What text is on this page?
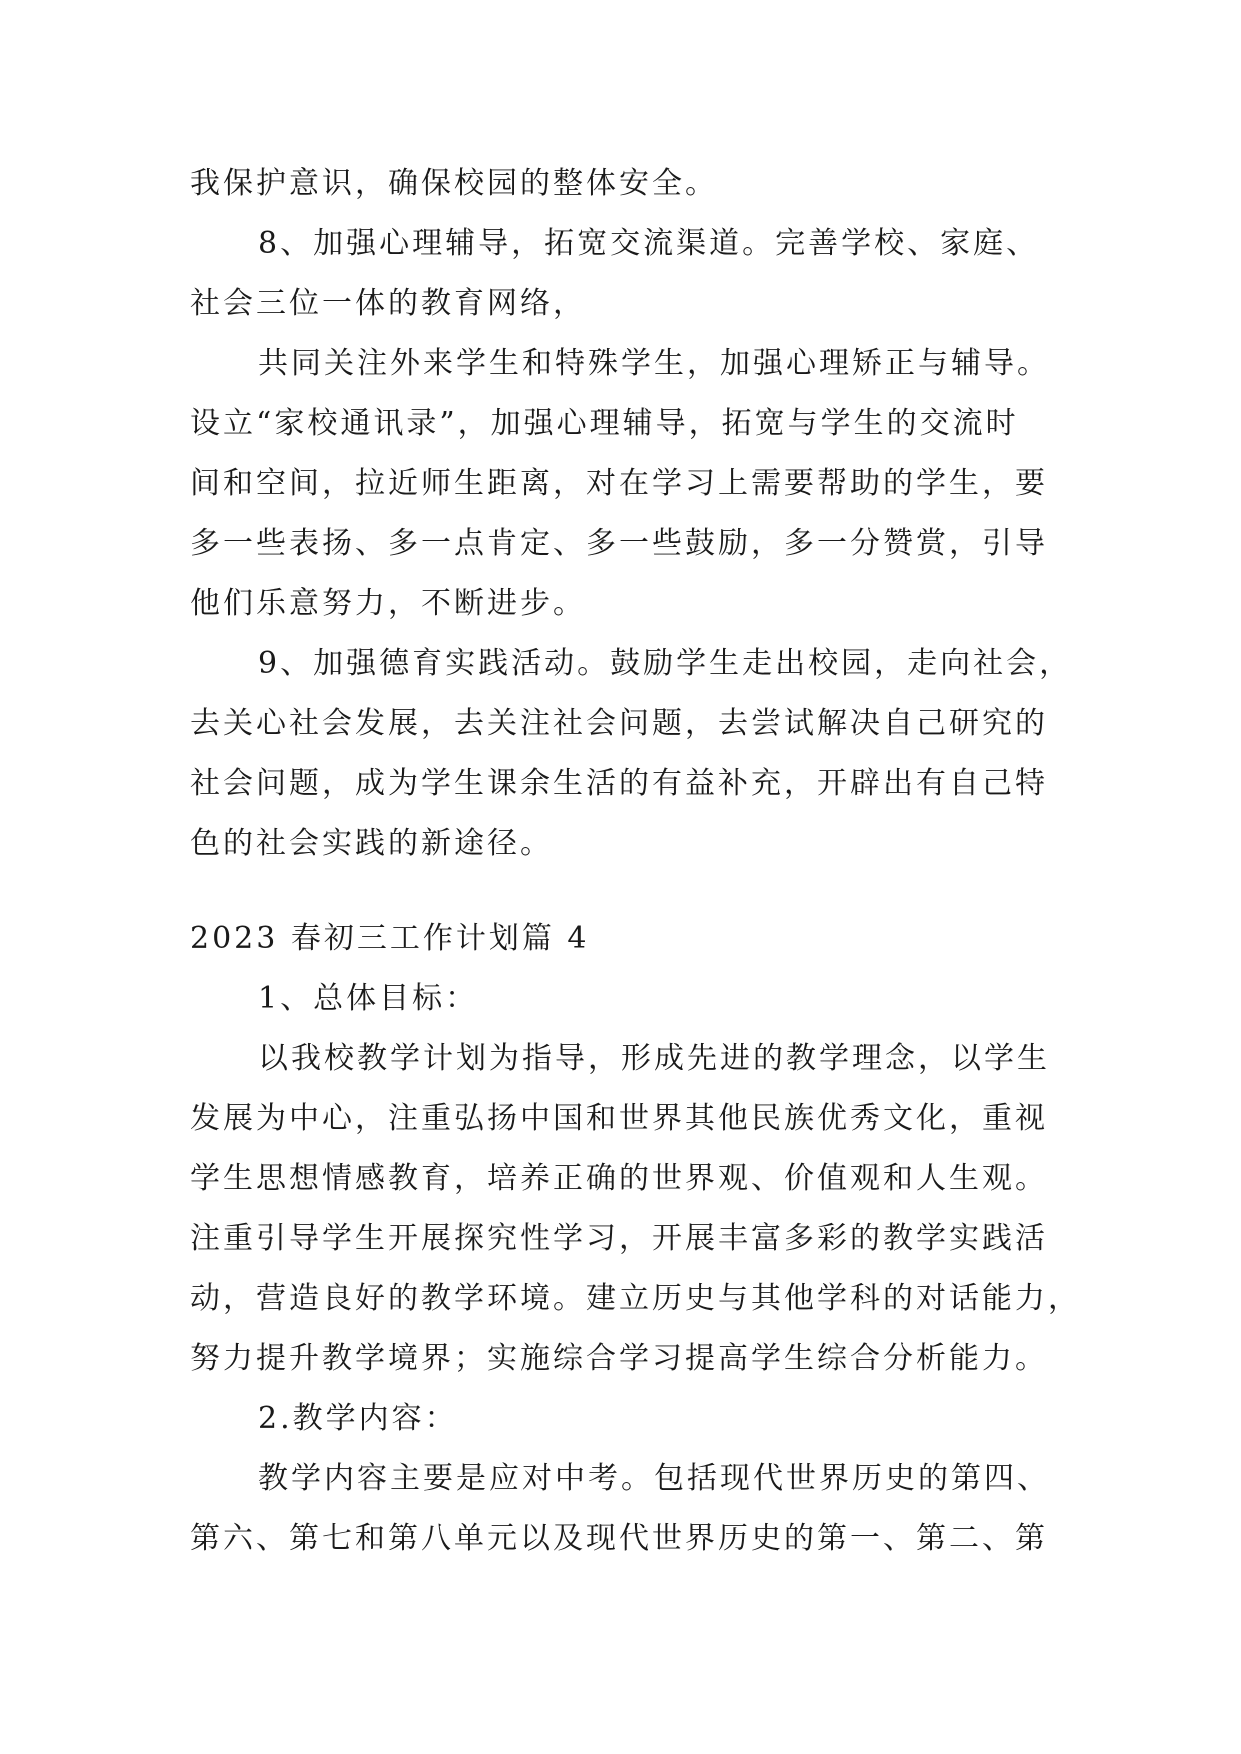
我保护意识，确保校园的整体安全。
8、加强心理辅导，拓宽交流渠道。完善学校、家庭、
社会三位一体的教育网络，
共同关注外来学生和特殊学生，加强心理矫正与辅导。
设立“家校通讯录”，加强心理辅导，拓宽与学生的交流时
间和空间，拉近师生距离，对在学习上需要帮助的学生，要
多一些表扬、多一点肯定、多一些鼓励，多一分赞赏，引导
他们乐意努力，不断进步。
9、加强德育实践活动。鼓励学生走出校园，走向社会，
去关心社会发展，去关注社会问题，去尝试解决自己研究的
社会问题，成为学生课余生活的有益补充，开辟出有自己特
色的社会实践的新途径。
2023 春初三工作计划篇 4
1、总体目标：
以我校教学计划为指导，形成先进的教学理念，以学生
发展为中心，注重弘扬中国和世界其他民族优秀文化，重视
学生思想情感教育，培养正确的世界观、价值观和人生观。
注重引导学生开展探究性学习，开展丰富多彩的教学实践活
动，营造良好的教学环境。建立历史与其他学科的对话能力，
努力提升教学境界；实施综合学习提高学生综合分析能力。
2.教学内容：
教学内容主要是应对中考。包括现代世界历史的第四、
第六、第七和第八单元以及现代世界历史的第一、第二、第
